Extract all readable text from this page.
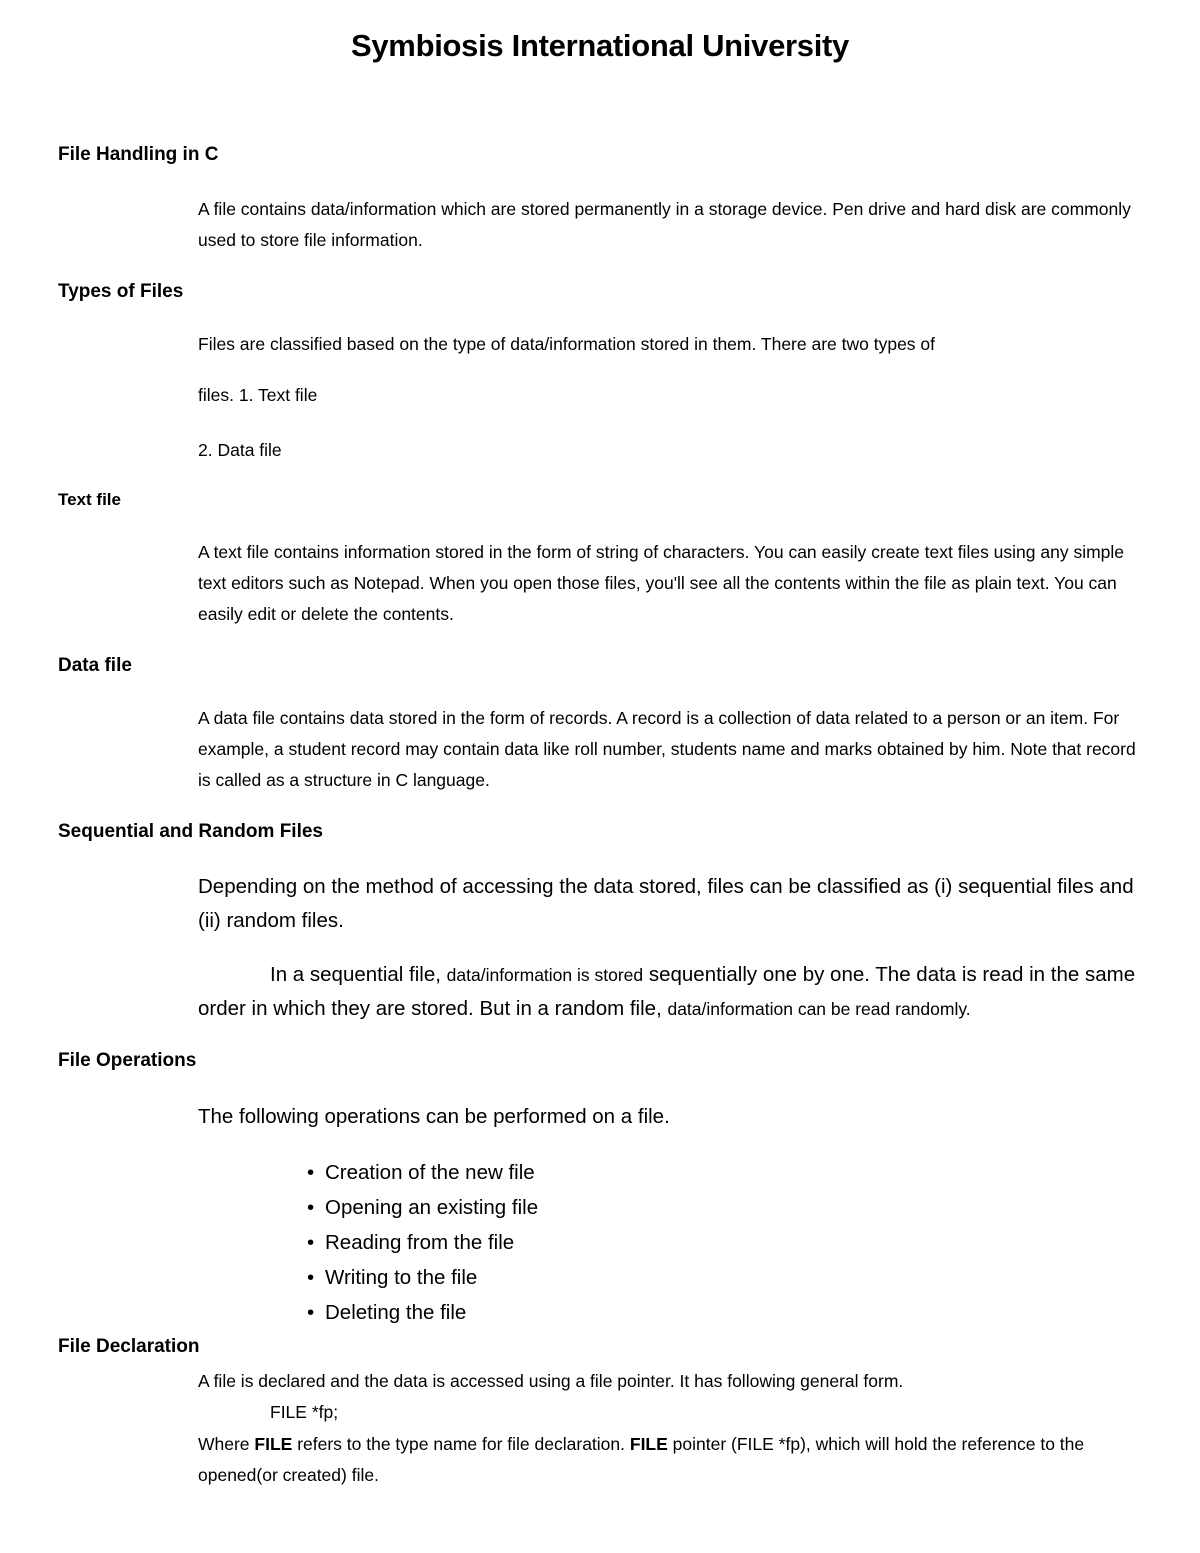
Symbiosis International University
File Handling in C

A file contains data/information which are stored permanently in a storage device. Pen drive and hard disk are commonly used to store file information.

Types of Files

Files are classified based on the type of data/information stored in them. There are two types of

files. 1. Text file

2. Data file

Text file

A text file contains information stored in the form of string of characters. You can easily create text files using any simple text editors such as Notepad. When you open those files, you'll see all the contents within the file as plain text. You can easily edit or delete the contents.

Data file

A data file contains data stored in the form of records. A record is a collection of data related to a person or an item. For example, a student record may contain data like roll number, students name and marks obtained by him. Note that record is called as a structure in C language.

Sequential and Random Files

Depending on the method of accessing the data stored, files can be classified as (i) sequential files and (ii) random files.

In a sequential file, data/information is stored sequentially one by one. The data is read in the same order in which they are stored. But in a random file, data/information can be read randomly.

File Operations

The following operations can be performed on a file.

• Creation of the new file
• Opening an existing file
• Reading from the file
• Writing to the file
• Deleting the file
File Declaration

A file is declared and the data is accessed using a file pointer. It has following general form.

FILE *fp;

Where FILE refers to the type name for file declaration. FILE pointer (FILE *fp), which will hold the reference to the opened(or created) file.
